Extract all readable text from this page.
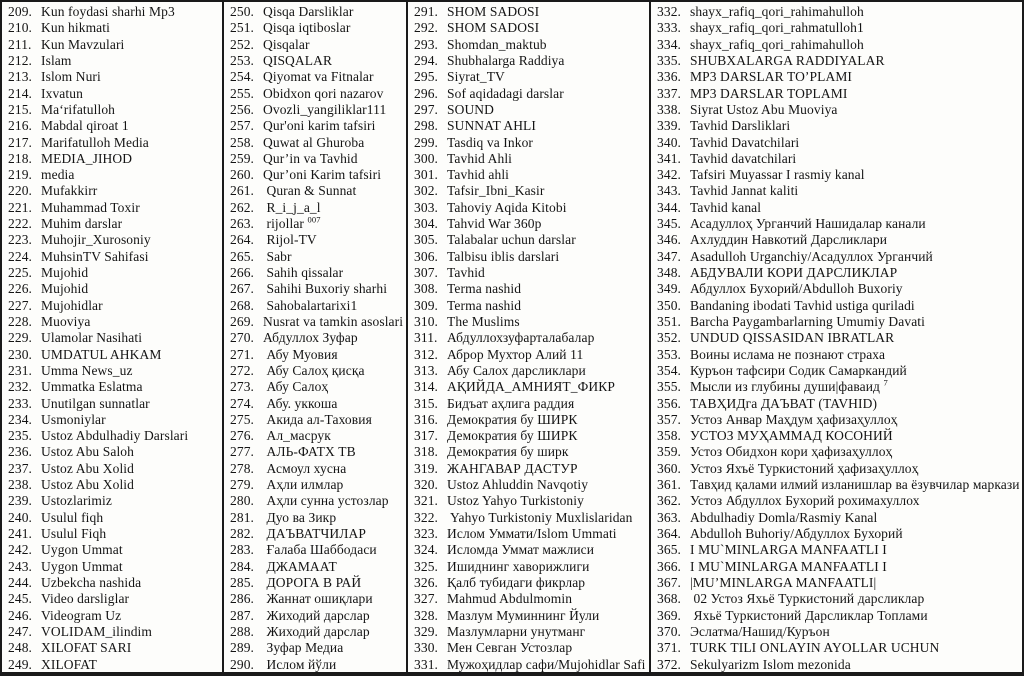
209. Kun foydasi sharhi Mp3
210. Kun hikmati
211. Kun Mavzulari
212. Islam
213. Islom Nuri
214. Ixvatun
215. Ma‘rifatulloh
216. Mabdal qiroat 1
217. Marifatulloh Media
218. MEDIA_JIHOD
219. media
220. Mufakkirr
221. Muhammad Toxir
222. Muhim darslar
223. Muhojir_Xurosoniy
224. MuhsinTV Sahifasi
225. Mujohid
226. Mujohid
227. Mujohidlar
228. Muoviya
229. Ulamolar Nasihati
230. UMDATUL AHKAM
231. Umma News_uz
232. Ummatka Eslatma
233. Unutilgan sunnatlar
234. Usmoniylar
235. Ustoz Abdulhadiy Darslari
236. Ustoz Abu Saloh
237. Ustoz Abu Xolid
238. Ustoz Abu Xolid
239. Ustozlarimiz
240. Usulul fiqh
241. Usulul Fiqh
242. Uygon Ummat
243. Uygon Ummat
244. Uzbekcha nashida
245. Video darsliglar
246. Videogram Uz
247. VOLIDAM_ilindim
248. XILOFAT SARI
249. XILOFAT
250. Qisqa Darsliklar
251. Qisqa iqtiboslar
252. Qisqalar
253. QISQALAR
254. Qiyomat va Fitnalar
255. Obidxon qori nazarov
256. Ovozli_yangiliklar111
257. Qur'oni karim tafsiri
258. Quwat al Ghuroba
259. Qur’in va Tavhid
260. Qur’oni Karim tafsiri
261. Quran & Sunnat
262. R_i_j_a_l
263. rijollar $^{007}$
264. Rijol-TV
265. Sabr
266. Sahih qissalar
267. Sahihi Buxoriy sharhi
268. Sahobalartarixi1
269. Nusrat va tamkin asoslari
270. Абдуллох Зуфар
271. Абу Муовия
272. Абу Салоҳ қисқа
273. Абу Салоҳ
274. Абу. уккоша
275. Акида ал-Таховия
276. Ал_масрук
277. АЛЬ-ФАТХ ТВ
278. Асмоул хусна
279. Аҳли илмлар
280. Аҳли сунна устозлар
281. Дуо ва Зикр
282. ДАЪВАТЧИЛАР
283. Ғалаба Шаббодаси
284. ДЖАМААТ
285. ДОРОГА В РАЙ
286. Жаннат ошиқлари
287. Жиходий дарслар
288. Жиходий дарслар
289. Зуфар Медиа
290. Ислом йўли
291. SHOM SADOSI
292. SHOM SADOSI
293. Shomdan_maktub
294. Shubhalarga Raddiya
295. Siyrat_TV
296. Sof aqidadagi darslar
297. SOUND
298. SUNNAT AHLI
299. Tasdiq va Inkor
300. Tavhid Ahli
301. Tavhid ahli
302. Tafsir_Ibni_Kasir
303. Tahoviy Aqida Kitobi
304. Tahvid War 360p
305. Talabalar uchun darslar
306. Talbisu iblis darslari
307. Tavhid
308. Terma nashid
309. Terma nashid
310. The Muslims
311. Абдуллохзуфарталабалар
312. Аброр Мухтор Алий 11
313. Абу Салох дарсликлари
314. АҚИЙДА_АМНИЯТ_ФИКР
315. Бидъат аҳлига раддия
316. Демократия бу ШИРК
317. Демократия бу ШИРК
318. Демократия бу ширк
319. ЖАНГАВАР ДАСТУР
320. Ustoz Ahluddin Navqotiy
321. Ustoz Yahyo Turkistoniy
322. Yahyo Turkistoniy Muxlislaridan
323. Ислом Уммати/Islom Ummati
324. Исломда Уммат мажлиси
325. Ишиднинг хаворижлиги
326. Қалб тубидаги фикрлар
327. Mahmud Abdulmomin
328. Мазлум Муминнинг Йули
329. Мазлумларни унутманг
330. Мен Севган Устозлар
331. Мужоҳидлар сафи/Mujohidlar Safi
332. shayx_rafiq_qori_rahimahulloh
333. shayx_rafiq_qori_rahmatulloh1
334. shayx_rafiq_qori_rahimahulloh
335. SHUBXALARGA RADDIYALAR
336. MP3 DARSLAR TO’PLAMI
337. MP3 DARSLAR TOPLAMI
338. Siyrat Ustoz Abu Muoviya
339. Tavhid Darsliklari
340. Tavhid Davatchilari
341. Tavhid davatchilari
342. Tafsiri Muyassar I rasmiy kanal
343. Tavhid Jannat kaliti
344. Tavhid kanal
345. Асадуллоҳ Урганчий Нашидалар канали
346. Ахлуддин Навкотий Дарсликлари
347. Asadulloh Urganchiy/Асадуллох Урганчий
348. АБДУВАЛИ КОРИ ДАРСЛИКЛАР
349. Абдуллох Бухорий/Abdulloh Buxoriy
350. Bandaning ibodati Tavhid ustiga quriladi
351. Barcha Paygambarlarning Umumiy Davati
352. UNDUD QISSASIDAN IBRATLAR
353. Воины ислама не познают страха
354. Куръон тафсири Содик Самаркандий
355. Мысли из глубины души|фаваид $^7$
356. ТАВҲИДга ДАЪВАТ (TAVHID)
357. Устоз Анвар Маҳдум ҳафизаҳуллоҳ
358. УСТОЗ МУҲАММАД КОСОНИЙ
359. Устоз Обидхон кори ҳафизаҳуллоҳ
360. Устоз Яхъё Туркистоний ҳафизаҳуллоҳ
361. Тавҳид қалами илмий изланишлар ва ёзувчилар маркази
362. Устоз Абдуллох Бухорий рохимахуллох
363. Abdulhadiy Domla/Rasmiy Kanal
364. Abdulloh Buhoriy/Абдуллох Бухорий
365. I MU`MINLARGA MANFAATLI I
366. I MU`MINLARGA MANFAATLI I
367. |MU’MINLARGA MANFAATLI|
368. 02 Устоз Яхьё Туркистоний дарсликлар
369. Яхьё Туркистоний Дарсликлар Топлами
370. Эслатма/Нашид/Куръон
371. TURK TILI ONLAYIN AYOLLAR UCHUN
372. Sekulyarizm Islom mezonida
